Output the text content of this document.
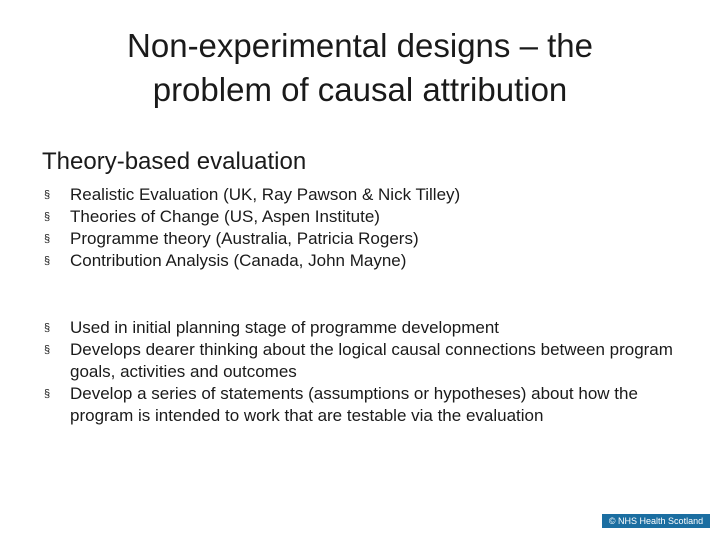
Non-experimental designs – the
problem of causal attribution
Theory-based evaluation
§	Realistic Evaluation (UK, Ray Pawson & Nick Tilley)
§	Theories of Change (US, Aspen Institute)
§	Programme theory (Australia, Patricia Rogers)
§	Contribution Analysis (Canada, John Mayne)
§	Used in initial planning stage of programme development
§	Develops dearer thinking about the logical causal connections between program goals, activities and outcomes
§	Develop a series of statements (assumptions or hypotheses) about how the program is intended to work that are testable via the evaluation
© NHS Health Scotland
